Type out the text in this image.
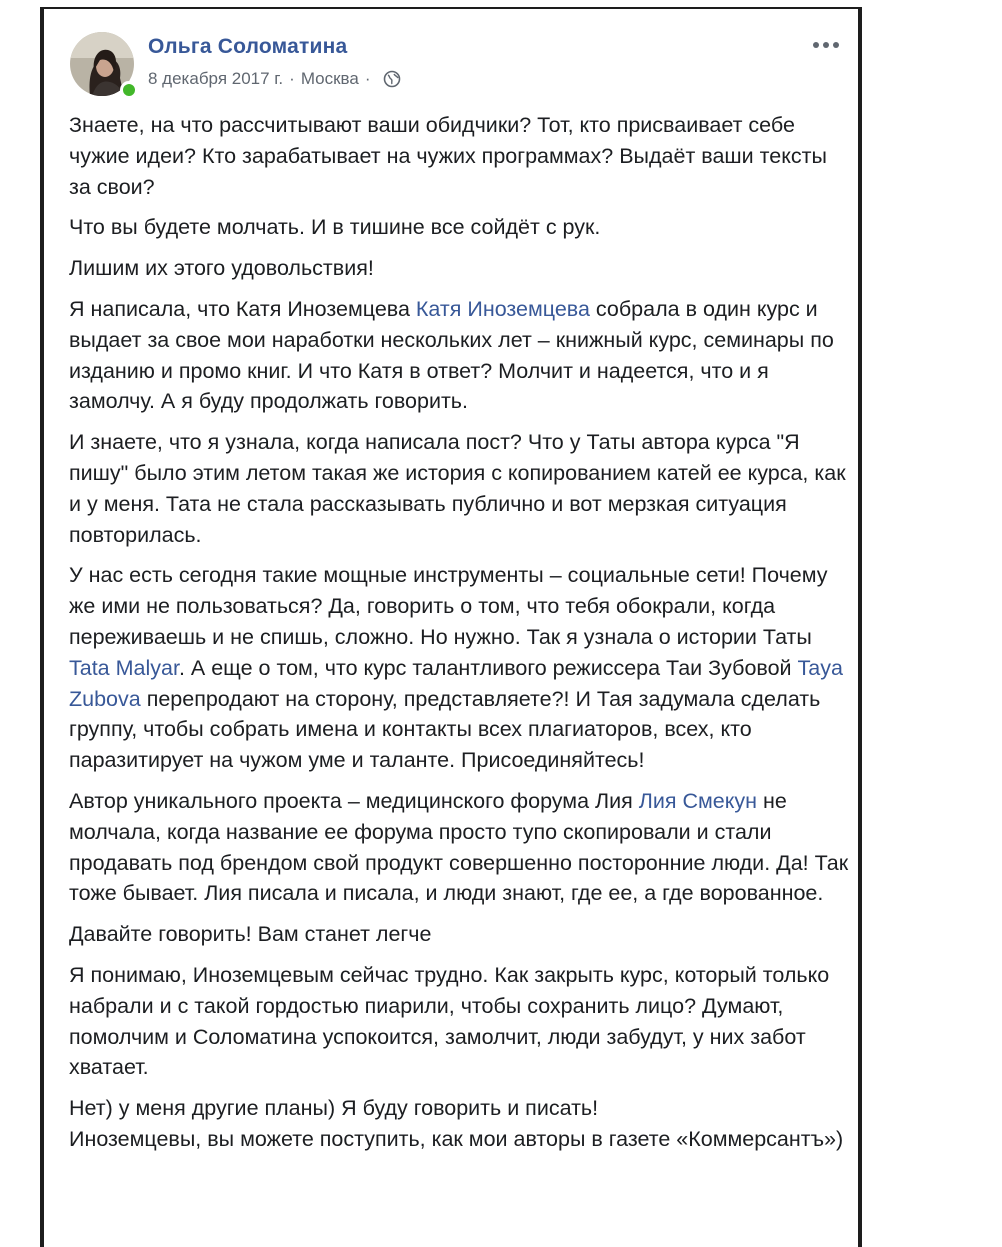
Ольга Соломатина
8 декабря 2017 г. · Москва ·

Знаете, на что рассчитывают ваши обидчики? Тот, кто присваивает себе чужие идеи? Кто зарабатывает на чужих программах? Выдаёт ваши тексты за свои?

Что вы будете молчать. И в тишине все сойдёт с рук.

Лишим их этого удовольствия!

Я написала, что Катя Иноземцева Катя Иноземцева собрала в один курс и выдает за свое мои наработки нескольких лет – книжный курс, семинары по изданию и промо книг. И что Катя в ответ? Молчит и надеется, что и я замолчу. А я буду продолжать говорить.

И знаете, что я узнала, когда написала пост? Что у Таты автора курса "Я пишу" было этим летом такая же история с копированием катей ее курса, как и у меня. Тата не стала рассказывать публично и вот мерзкая ситуация повторилась.

У нас есть сегодня такие мощные инструменты – социальные сети! Почему же ими не пользоваться? Да, говорить о том, что тебя обокрали, когда переживаешь и не спишь, сложно. Но нужно. Так я узнала о истории Таты Tata Malyar. А еще о том, что курс талантливого режиссера Таи Зубовой Taya Zubova перепродают на сторону, представляете?! И Тая задумала сделать группу, чтобы собрать имена и контакты всех плагиаторов, всех, кто паразитирует на чужом уме и таланте. Присоединяйтесь!

Автор уникального проекта – медицинского форума Лия Лия Смекун не молчала, когда название ее форума просто тупо скопировали и стали продавать под брендом свой продукт совершенно посторонние люди. Да! Так тоже бывает. Лия писала и писала, и люди знают, где ее, а где ворованное.

Давайте говорить! Вам станет легче

Я понимаю, Иноземцевым сейчас трудно. Как закрыть курс, который только набрали и с такой гордостью пиарили, чтобы сохранить лицо? Думают, помолчим и Соломатина успокоится, замолчит, люди забудут, у них забот хватает.

Нет) у меня другие планы) Я буду говорить и писать!
Иноземцевы, вы можете поступить, как мои авторы в газете «Коммерсантъ»)
